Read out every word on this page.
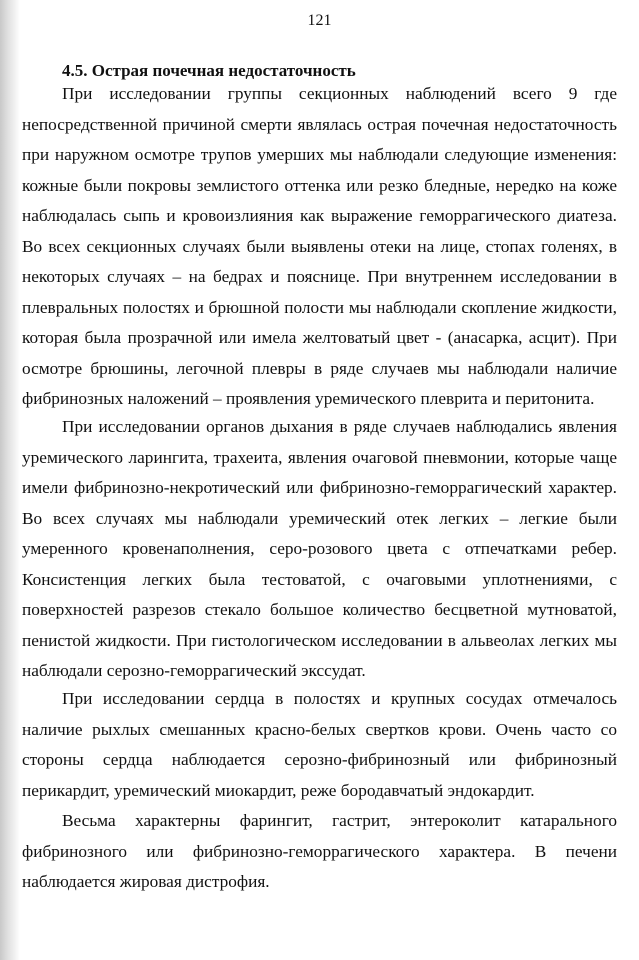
121
4.5. Острая почечная недостаточность

При исследовании группы секционных наблюдений всего 9 где непосредственной причиной смерти являлась острая почечная недостаточность при наружном осмотре трупов умерших мы наблюдали следующие изменения: кожные были покровы землистого оттенка или резко бледные, нередко на коже наблюдалась сыпь и кровоизлияния как выражение геморрагического диатеза. Во всех секционных случаях были выявлены отеки на лице, стопах голенях, в некоторых случаях – на бедрах и пояснице. При внутреннем исследовании в плевральных полостях и брюшной полости мы наблюдали скопление жидкости, которая была прозрачной или имела желтоватый цвет - (анасарка, асцит). При осмотре брюшины, легочной плевры в ряде случаев мы наблюдали наличие фибринозных наложений – проявления уремического плеврита и перитонита.

При исследовании органов дыхания в ряде случаев наблюдались явления уремического ларингита, трахеита, явления очаговой пневмонии, которые чаще имели фибринозно-некротический или фибринозно-геморрагический характер. Во всех случаях мы наблюдали уремический отек легких – легкие были умеренного кровенаполнения, серо-розового цвета с отпечатками ребер. Консистенция легких была тестоватой, с очаговыми уплотнениями, с поверхностей разрезов стекало большое количество бесцветной мутноватой, пенистой жидкости. При гистологическом исследовании в альвеолах легких мы наблюдали серозно-геморрагический экссудат.

При исследовании сердца в полостях и крупных сосудах отмечалось наличие рыхлых смешанных красно-белых свертков крови. Очень часто со стороны сердца наблюдается серозно-фибринозный или фибринозный перикардит, уремический миокардит, реже бородавчатый эндокардит.

Весьма характерны фарингит, гастрит, энтероколит катарального фибринозного или фибринозно-геморрагического характера. В печени наблюдается жировая дистрофия.
